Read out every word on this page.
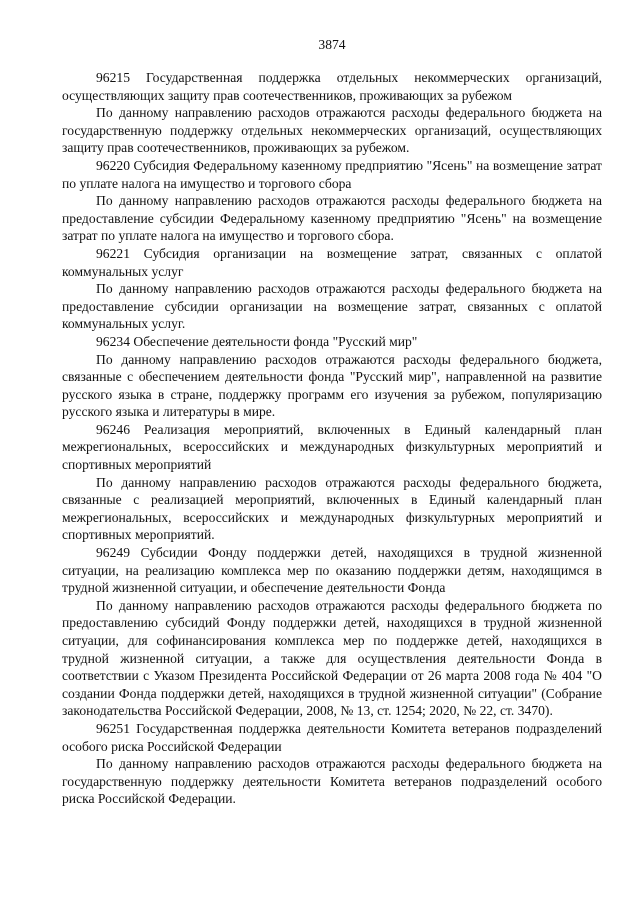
3874

96215 Государственная поддержка отдельных некоммерческих организаций, осуществляющих защиту прав соотечественников, проживающих за рубежом

По данному направлению расходов отражаются расходы федерального бюджета на государственную поддержку отдельных некоммерческих организаций, осуществляющих защиту прав соотечественников, проживающих за рубежом.

96220 Субсидия Федеральному казенному предприятию "Ясень" на возмещение затрат по уплате налога на имущество и торгового сбора

По данному направлению расходов отражаются расходы федерального бюджета на предоставление субсидии Федеральному казенному предприятию "Ясень" на возмещение затрат по уплате налога на имущество и торгового сбора.

96221 Субсидия организации на возмещение затрат, связанных с оплатой коммунальных услуг

По данному направлению расходов отражаются расходы федерального бюджета на предоставление субсидии организации на возмещение затрат, связанных с оплатой коммунальных услуг.

96234 Обеспечение деятельности фонда "Русский мир"

По данному направлению расходов отражаются расходы федерального бюджета, связанные с обеспечением деятельности фонда "Русский мир", направленной на развитие русского языка в стране, поддержку программ его изучения за рубежом, популяризацию русского языка и литературы в мире.

96246 Реализация мероприятий, включенных в Единый календарный план межрегиональных, всероссийских и международных физкультурных мероприятий и спортивных мероприятий

По данному направлению расходов отражаются расходы федерального бюджета, связанные с реализацией мероприятий, включенных в Единый календарный план межрегиональных, всероссийских и международных физкультурных мероприятий и спортивных мероприятий.

96249 Субсидии Фонду поддержки детей, находящихся в трудной жизненной ситуации, на реализацию комплекса мер по оказанию поддержки детям, находящимся в трудной жизненной ситуации, и обеспечение деятельности Фонда

По данному направлению расходов отражаются расходы федерального бюджета по предоставлению субсидий Фонду поддержки детей, находящихся в трудной жизненной ситуации, для софинансирования комплекса мер по поддержке детей, находящихся в трудной жизненной ситуации, а также для осуществления деятельности Фонда в соответствии с Указом Президента Российской Федерации от 26 марта 2008 года № 404 "О создании Фонда поддержки детей, находящихся в трудной жизненной ситуации" (Собрание законодательства Российской Федерации, 2008, № 13, ст. 1254; 2020, № 22, ст. 3470).

96251 Государственная поддержка деятельности Комитета ветеранов подразделений особого риска Российской Федерации

По данному направлению расходов отражаются расходы федерального бюджета на государственную поддержку деятельности Комитета ветеранов подразделений особого риска Российской Федерации.
